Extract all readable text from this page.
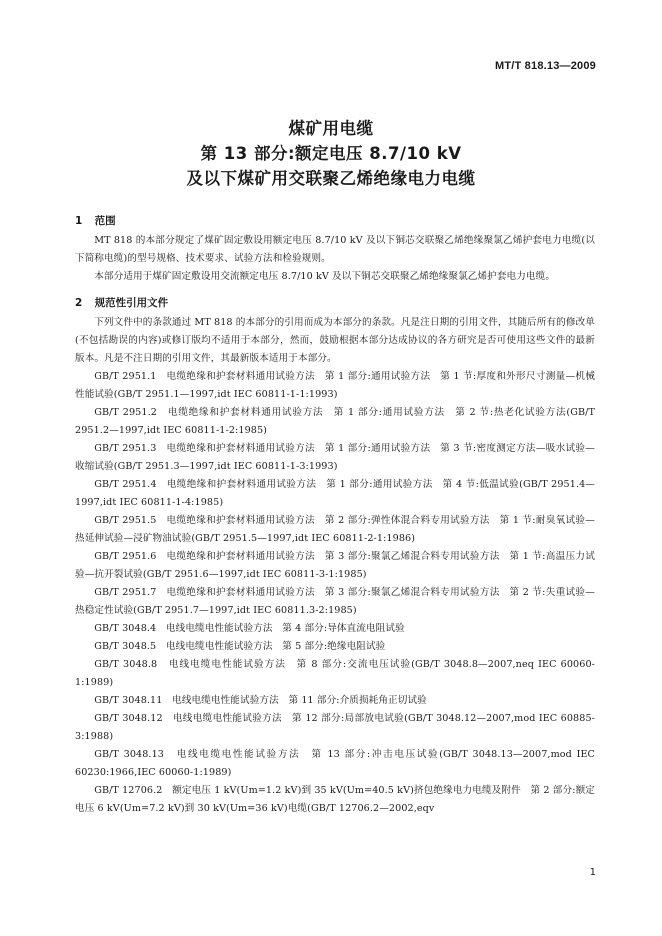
MT/T 818.13—2009
煤矿用电缆
第 13 部分:额定电压 8.7/10 kV
及以下煤矿用交联聚乙烯绝缘电力电缆
1 范围

MT 818 的本部分规定了煤矿固定敷设用额定电压 8.7/10 kV 及以下铜芯交联聚乙烯绝缘聚氯乙烯护套电力电缆(以下简称电缆)的型号规格、技术要求、试验方法和检验规则。

本部分适用于煤矿固定敷设用交流额定电压 8.7/10 kV 及以下铜芯交联聚乙烯绝缘聚氯乙烯护套电力电缆。

2 规范性引用文件

下列文件中的条款通过 MT 818 的本部分的引用而成为本部分的条款。凡是注日期的引用文件，其随后所有的修改单(不包括勘误的内容)或修订版均不适用于本部分，然而，鼓励根据本部分达成协议的各方研究是否可使用这些文件的最新版本。凡是不注日期的引用文件，其最新版本适用于本部分。

GB/T 2951.1　电缆绝缘和护套材料通用试验方法　第 1 部分:通用试验方法　第 1 节:厚度和外形尺寸测量—机械性能试验(GB/T 2951.1—1997,idt IEC 60811-1-1:1993)

GB/T 2951.2　电缆绝缘和护套材料通用试验方法　第 1 部分:通用试验方法　第 2 节:热老化试验方法(GB/T 2951.2—1997,idt IEC 60811-1-2:1985)

GB/T 2951.3　电缆绝缘和护套材料通用试验方法　第 1 部分:通用试验方法　第 3 节:密度测定方法—吸水试验—收缩试验(GB/T 2951.3—1997,idt IEC 60811-1-3:1993)

GB/T 2951.4　电缆绝缘和护套材料通用试验方法　第 1 部分:通用试验方法　第 4 节:低温试验(GB/T 2951.4—1997,idt IEC 60811-1-4:1985)

GB/T 2951.5　电缆绝缘和护套材料通用试验方法　第 2 部分:弹性体混合料专用试验方法　第 1 节:耐臭氧试验—热延伸试验—浸矿物油试验(GB/T 2951.5—1997,idt IEC 60811-2-1:1986)

GB/T 2951.6　电缆绝缘和护套材料通用试验方法　第 3 部分:聚氯乙烯混合料专用试验方法　第 1 节:高温压力试验—抗开裂试验(GB/T 2951.6—1997,idt IEC 60811-3-1:1985)

GB/T 2951.7　电缆绝缘和护套材料通用试验方法　第 3 部分:聚氯乙烯混合料专用试验方法　第 2 节:失重试验—热稳定性试验(GB/T 2951.7—1997,idt IEC 60811.3-2:1985)

GB/T 3048.4　电线电缆电性能试验方法　第 4 部分:导体直流电阻试验

GB/T 3048.5　电线电缆电性能试验方法　第 5 部分:绝缘电阻试验

GB/T 3048.8　电线电缆电性能试验方法　第 8 部分:交流电压试验(GB/T 3048.8—2007,neq IEC 60060-1:1989)

GB/T 3048.11　电线电缆电性能试验方法　第 11 部分:介质损耗角正切试验

GB/T 3048.12　电线电缆电性能试验方法　第 12 部分:局部放电试验(GB/T 3048.12—2007,mod IEC 60885-3:1988)

GB/T 3048.13　电线电缆电性能试验方法　第 13 部分:冲击电压试验(GB/T 3048.13—2007,mod IEC 60230:1966,IEC 60060-1:1989)

GB/T 12706.2　额定电压 1 kV(Um=1.2 kV)到 35 kV(Um=40.5 kV)挤包绝缘电力电缆及附件　第 2 部分:额定电压 6 kV(Um=7.2 kV)到 30 kV(Um=36 kV)电缆(GB/T 12706.2—2002,eqv

1
